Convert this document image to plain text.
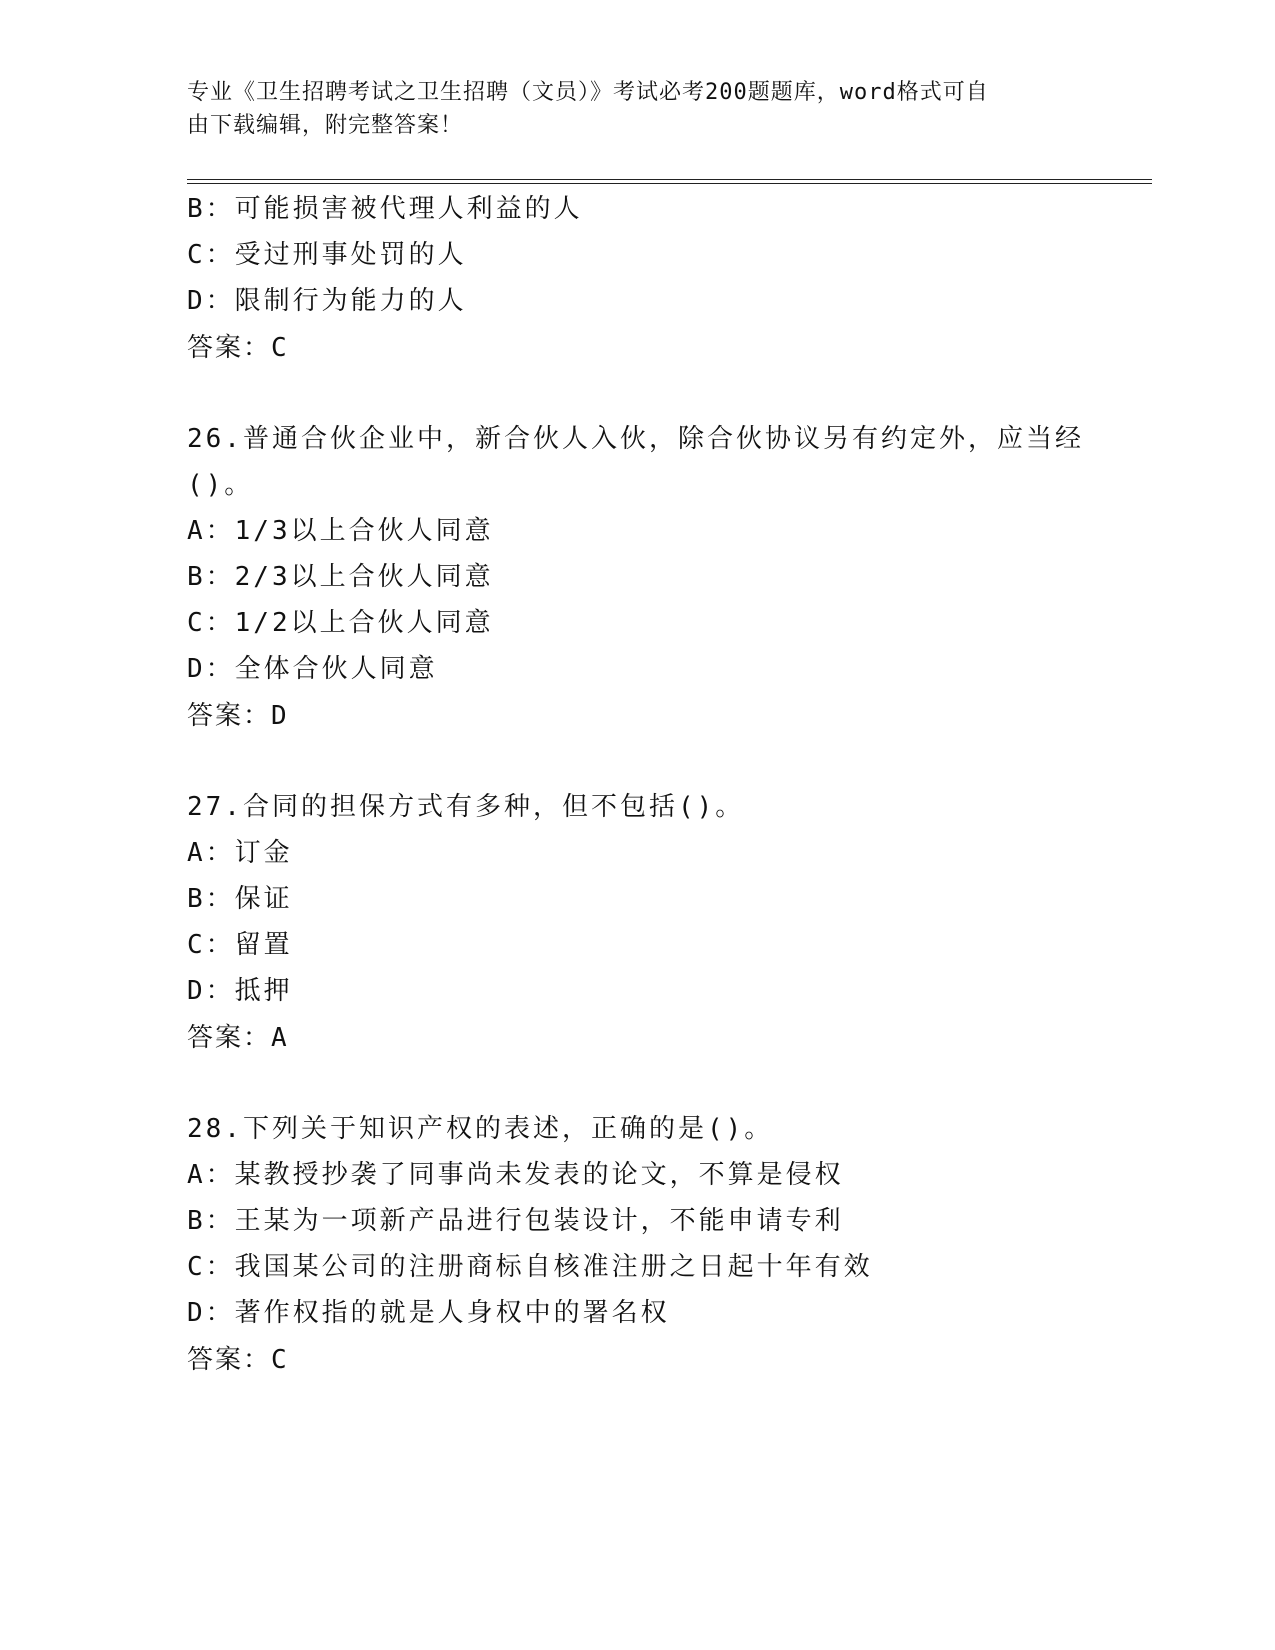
专业《卫生招聘考试之卫生招聘（文员）》考试必考200题题库，word格式可自
由下载编辑，附完整答案！
B：可能损害被代理人利益的人
C：受过刑事处罚的人
D：限制行为能力的人
答案：C
26.普通合伙企业中，新合伙人入伙，除合伙协议另有约定外，应当经
()。
A：1/3以上合伙人同意
B：2/3以上合伙人同意
C：1/2以上合伙人同意
D：全体合伙人同意
答案：D
27.合同的担保方式有多种，但不包括()。
A：订金
B：保证
C：留置
D：抵押
答案：A
28.下列关于知识产权的表述，正确的是()。
A：某教授抄袭了同事尚未发表的论文，不算是侵权
B：王某为一项新产品进行包装设计，不能申请专利
C：我国某公司的注册商标自核准注册之日起十年有效
D：著作权指的就是人身权中的署名权
答案：C
